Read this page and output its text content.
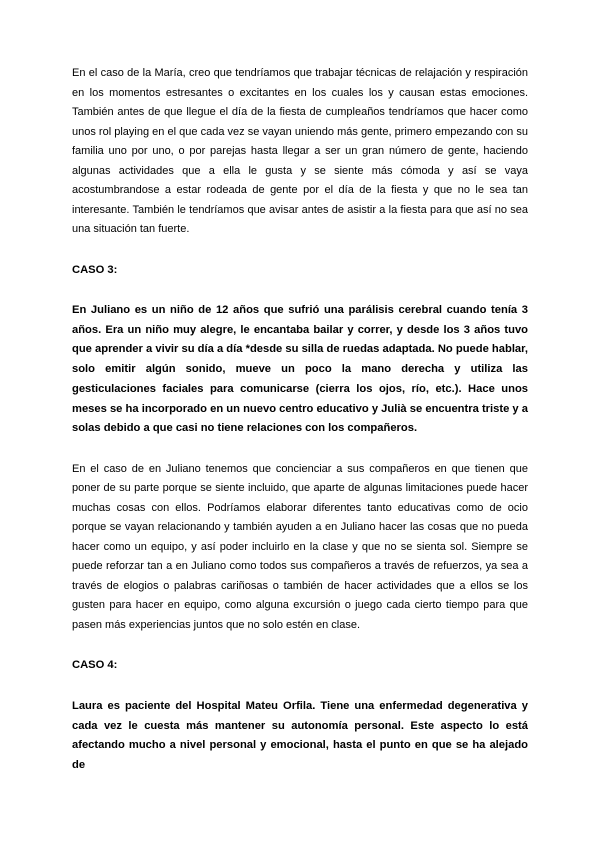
En el caso de la María, creo que tendríamos que trabajar técnicas de relajación y respiración en los momentos estresantes o excitantes en los cuales los y causan estas emociones. También antes de que llegue el día de la fiesta de cumpleaños tendríamos que hacer como unos rol playing en el que cada vez se vayan uniendo más gente, primero empezando con su familia uno por uno, o por parejas hasta llegar a ser un gran número de gente, haciendo algunas actividades que a ella le gusta y se siente más cómoda y así se vaya acostumbrandose a estar rodeada de gente por el día de la fiesta y que no le sea tan interesante. También le tendríamos que avisar antes de asistir a la fiesta para que así no sea una situación tan fuerte.

CASO 3:

En Juliano es un niño de 12 años que sufrió una parálisis cerebral cuando tenía 3 años. Era un niño muy alegre, le encantaba bailar y correr, y desde los 3 años tuvo que aprender a vivir su día a día *desde su silla de ruedas adaptada. No puede hablar, solo emitir algún sonido, mueve un poco la mano derecha y utiliza las gesticulaciones faciales para comunicarse (cierra los ojos, río, etc.). Hace unos meses se ha incorporado en un nuevo centro educativo y Julià se encuentra triste y a solas debido a que casi no tiene relaciones con los compañeros.

En el caso de en Juliano tenemos que concienciar a sus compañeros en que tienen que poner de su parte porque se siente incluido, que aparte de algunas limitaciones puede hacer muchas cosas con ellos. Podríamos elaborar diferentes tanto educativas como de ocio porque se vayan relacionando y también ayuden a en Juliano hacer las cosas que no pueda hacer como un equipo, y así poder incluirlo en la clase y que no se sienta sol. Siempre se puede reforzar tan a en Juliano como todos sus compañeros a través de refuerzos, ya sea a través de elogios o palabras cariñosas o también de hacer actividades que a ellos se los gusten para hacer en equipo, como alguna excursión o juego cada cierto tiempo para que pasen más experiencias juntos que no solo estén en clase.

CASO 4:

Laura es paciente del Hospital Mateu Orfila. Tiene una enfermedad degenerativa y cada vez le cuesta más mantener su autonomía personal. Este aspecto lo está afectando mucho a nivel personal y emocional, hasta el punto en que se ha alejado de
